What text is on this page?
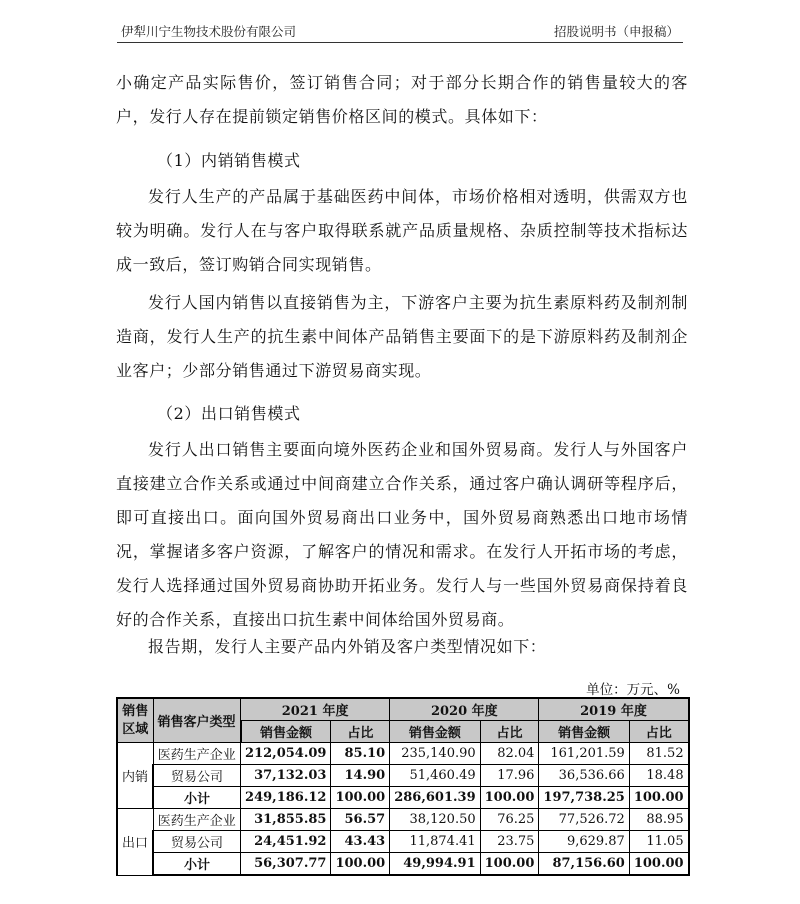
伊犁川宁生物技术股份有限公司	招股说明书（申报稿）

小确定产品实际售价，签订销售合同；对于部分长期合作的销售量较大的客户，发行人存在提前锁定销售价格区间的模式。具体如下：

（1）内销销售模式

发行人生产的产品属于基础医药中间体，市场价格相对透明，供需双方也较为明确。发行人在与客户取得联系就产品质量规格、杂质控制等技术指标达成一致后，签订购销合同实现销售。

发行人国内销售以直接销售为主，下游客户主要为抗生素原料药及制剂制造商，发行人生产的抗生素中间体产品销售主要面下的是下游原料药及制剂企业客户；少部分销售通过下游贸易商实现。

（2）出口销售模式

发行人出口销售主要面向境外医药企业和国外贸易商。发行人与外国客户直接建立合作关系或通过中间商建立合作关系，通过客户确认调研等程序后，即可直接出口。面向国外贸易商出口业务中，国外贸易商熟悉出口地市场情况，掌握诸多客户资源，了解客户的情况和需求。在发行人开拓市场的考虑，发行人选择通过国外贸易商协助开拓业务。发行人与一些国外贸易商保持着良好的合作关系，直接出口抗生素中间体给国外贸易商。

报告期，发行人主要产品内外销及客户类型情况如下：

单位：万元、%
销售区域	销售客户类型	2021 年度		2020 年度		2019 年度	
		销售金额	占比	销售金额	占比	销售金额	占比
内销	医药生产企业	212,054.09	85.10	235,140.90	82.04	161,201.59	81.52
	贸易公司	37,132.03	14.90	51,460.49	17.96	36,536.66	18.48
	小计	249,186.12	100.00	286,601.39	100.00	197,738.25	100.00
出口	医药生产企业	31,855.85	56.57	38,120.50	76.25	77,526.72	88.95
	贸易公司	24,451.92	43.43	11,874.41	23.75	9,629.87	11.05
	小计	56,307.77	100.00	49,994.91	100.00	87,156.60	100.00
